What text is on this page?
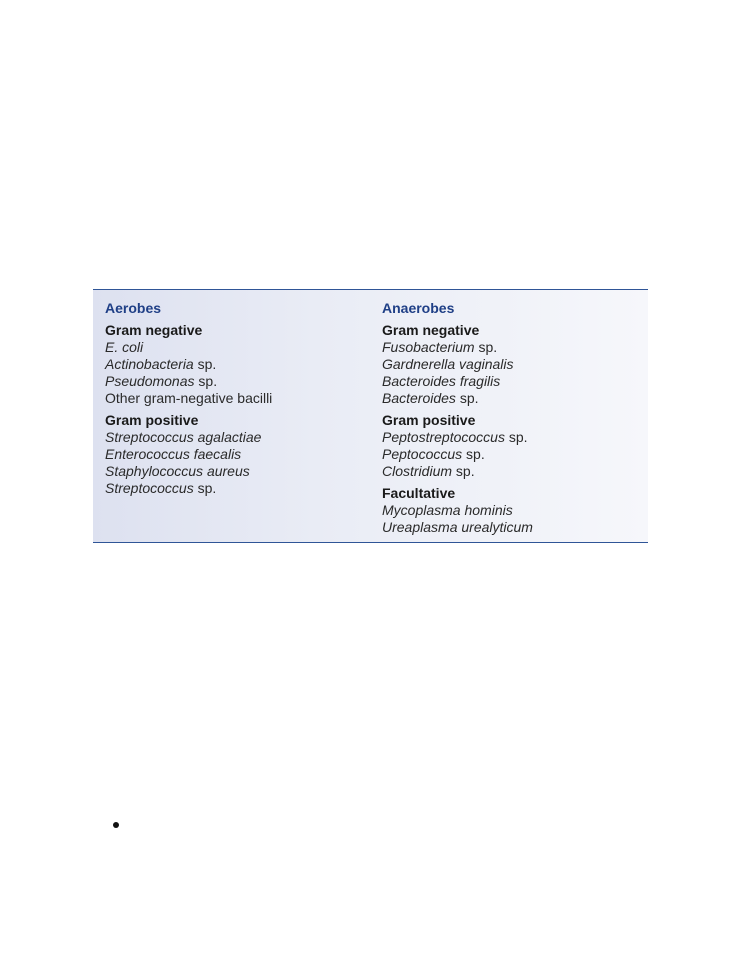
Aerobes
Gram negative
E. coli
Actinobacteria sp.
Pseudomonas sp.
Other gram-negative bacilli
Gram positive
Streptococcus agalactiae
Enterococcus faecalis
Staphylococcus aureus
Streptococcus sp.
Anaerobes
Gram negative
Fusobacterium sp.
Gardnerella vaginalis
Bacteroides fragilis
Bacteroides sp.
Gram positive
Peptostreptococcus sp.
Peptococcus sp.
Clostridium sp.
Facultative
Mycoplasma hominis
Ureaplasma urealyticum
